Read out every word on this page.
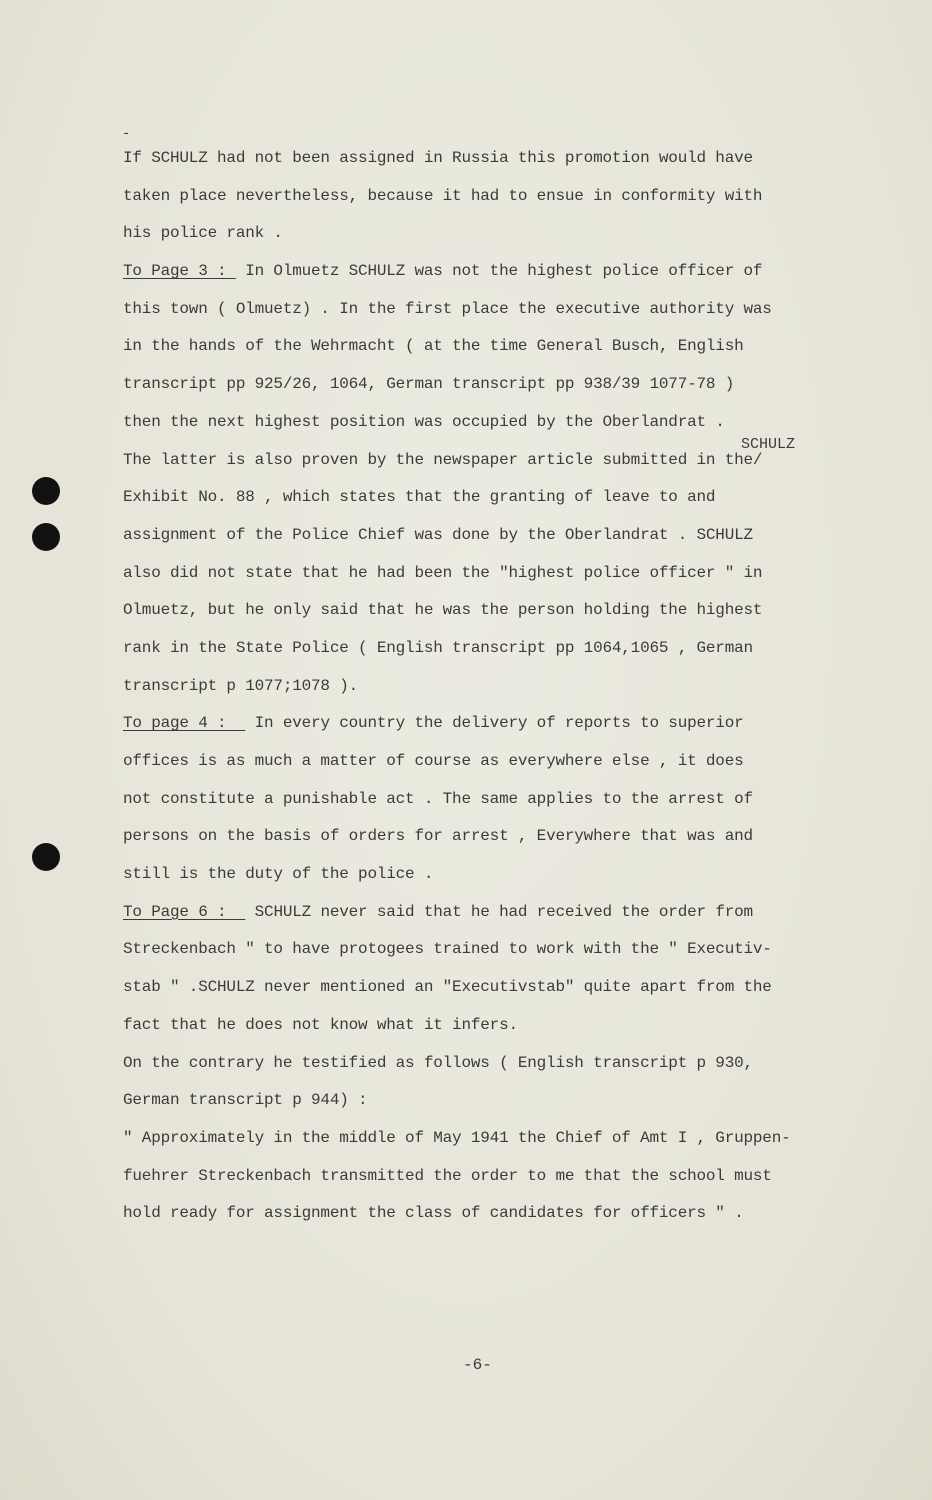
-
If SCHULZ had not been assigned in Russia this promotion would have
taken place nevertheless, because it had to ensue in conformity with
his police rank .
To Page 3 :  In Olmuetz SCHULZ was not the highest police officer of
this town ( Olmuetz) . In the first place the executive authority was
in the hands of the Wehrmacht ( at the time General Busch, English
transcript pp 925/26, 1064, German transcript pp 938/39 1077-78 )
then the next highest position was occupied by the Oberlandrat .
The latter is also proven by the newspaper article submitted in the/
Exhibit No. 88 , which states that the granting of leave to and
assignment of the Police Chief was done by the Oberlandrat . SCHULZ
also did not state that he had been the "highest police officer " in
Olmuetz, but he only said that he was the person holding the highest
rank in the State Police ( English transcript pp 1064,1065 , German
transcript p 1077;1078 ).
To page 4 :   In every country the delivery of reports to superior
offices is as much a matter of course as everywhere else , it does
not constitute a punishable act . The same applies to the arrest of
persons on the basis of orders for arrest , Everywhere that was and
still is the duty of the police .
To Page 6 :   SCHULZ never said that he had received the order from
Streckenbach " to have protogees trained to work with the " Executiv-
stab " .SCHULZ never mentioned an "Executivstab" quite apart from the
fact that he does not know what it infers.
On the contrary he testified as follows ( English transcript p 930,
German transcript p 944) :
" Approximately in the middle of May 1941 the Chief of Amt I , Gruppen-
fuehrer Streckenbach transmitted the order to me that the school must
hold ready for assignment the class of candidates for officers " .
SCHULZ
-6-
